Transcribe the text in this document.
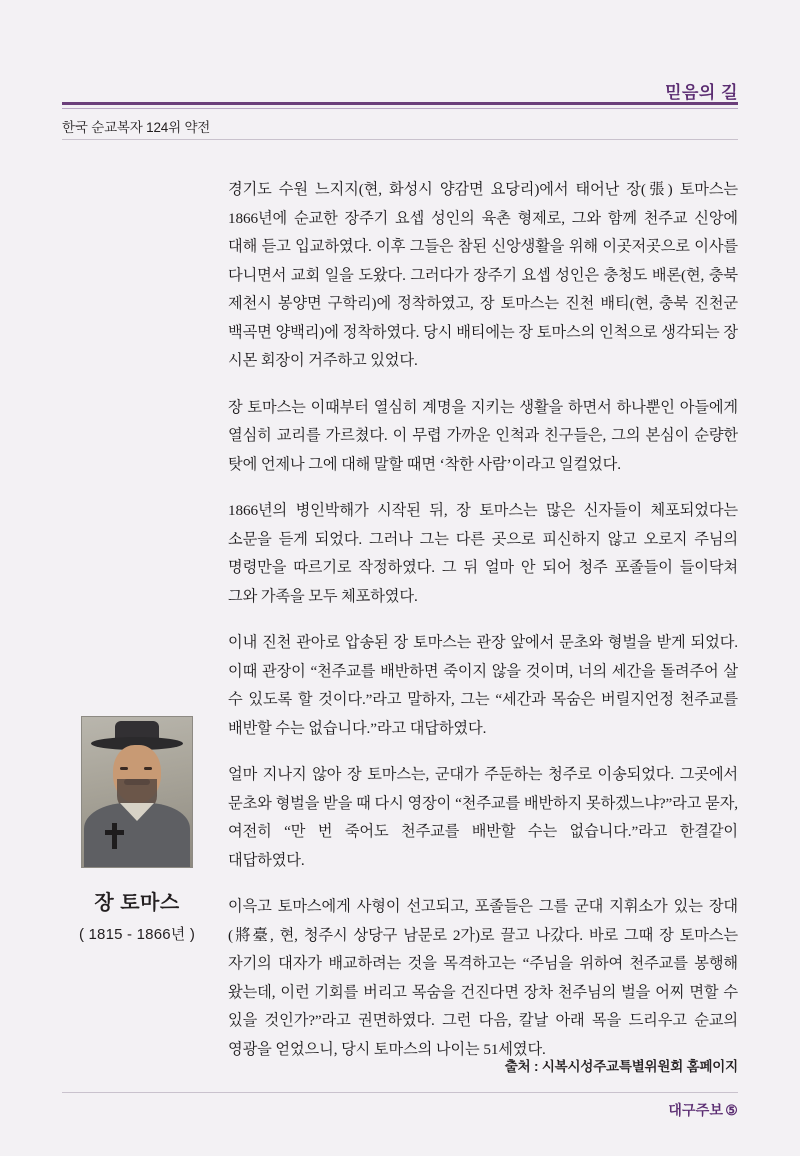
믿음의 길
한국 순교복자 124위 약전

경기도 수원 느지지(현, 화성시 양감면 요당리)에서 태어난 장(張) 토마스는 1866년에 순교한 장주기 요셉 성인의 육촌 형제로, 그와 함께 천주교 신앙에 대해 듣고 입교하였다. 이후 그들은 참된 신앙생활을 위해 이곳저곳으로 이사를 다니면서 교회 일을 도왔다. 그러다가 장주기 요셉 성인은 충청도 배론(현, 충북 제천시 봉양면 구학리)에 정착하였고, 장 토마스는 진천 배티(현, 충북 진천군 백곡면 양백리)에 정착하였다. 당시 배티에는 장 토마스의 인척으로 생각되는 장 시몬 회장이 거주하고 있었다.

장 토마스는 이때부터 열심히 계명을 지키는 생활을 하면서 하나뿐인 아들에게 열심히 교리를 가르쳤다. 이 무렵 가까운 인척과 친구들은, 그의 본심이 순량한 탓에 언제나 그에 대해 말할 때면 ‘착한 사람’이라고 일컬었다.

1866년의 병인박해가 시작된 뒤, 장 토마스는 많은 신자들이 체포되었다는 소문을 듣게 되었다. 그러나 그는 다른 곳으로 피신하지 않고 오로지 주님의 명령만을 따르기로 작정하였다. 그 뒤 얼마 안 되어 청주 포졸들이 들이닥쳐 그와 가족을 모두 체포하였다.

이내 진천 관아로 압송된 장 토마스는 관장 앞에서 문초와 형벌을 받게 되었다. 이때 관장이 “천주교를 배반하면 죽이지 않을 것이며, 너의 세간을 돌려주어 살 수 있도록 할 것이다.”라고 말하자, 그는 “세간과 목숨은 버릴지언정 천주교를 배반할 수는 없습니다.”라고 대답하였다.

얼마 지나지 않아 장 토마스는, 군대가 주둔하는 청주로 이송되었다. 그곳에서 문초와 형벌을 받을 때 다시 영장이 “천주교를 배반하지 못하겠느냐?”라고 묻자, 여전히 “만 번 죽어도 천주교를 배반할 수는 없습니다.”라고 한결같이 대답하였다.

이윽고 토마스에게 사형이 선고되고, 포졸들은 그를 군대 지휘소가 있는 장대(將臺, 현, 청주시 상당구 남문로 2가)로 끌고 나갔다. 바로 그때 장 토마스는 자기의 대자가 배교하려는 것을 목격하고는 “주님을 위하여 천주교를 봉행해 왔는데, 이런 기회를 버리고 목숨을 건진다면 장차 천주님의 벌을 어찌 면할 수 있을 것인가?”라고 권면하였다. 그런 다음, 칼날 아래 목을 드리우고 순교의 영광을 얻었으니, 당시 토마스의 나이는 51세였다.

장 토마스
( 1815 - 1866년 )
출처 : 시복시성주교특별위원회 홈페이지
대구주보 ⑤
